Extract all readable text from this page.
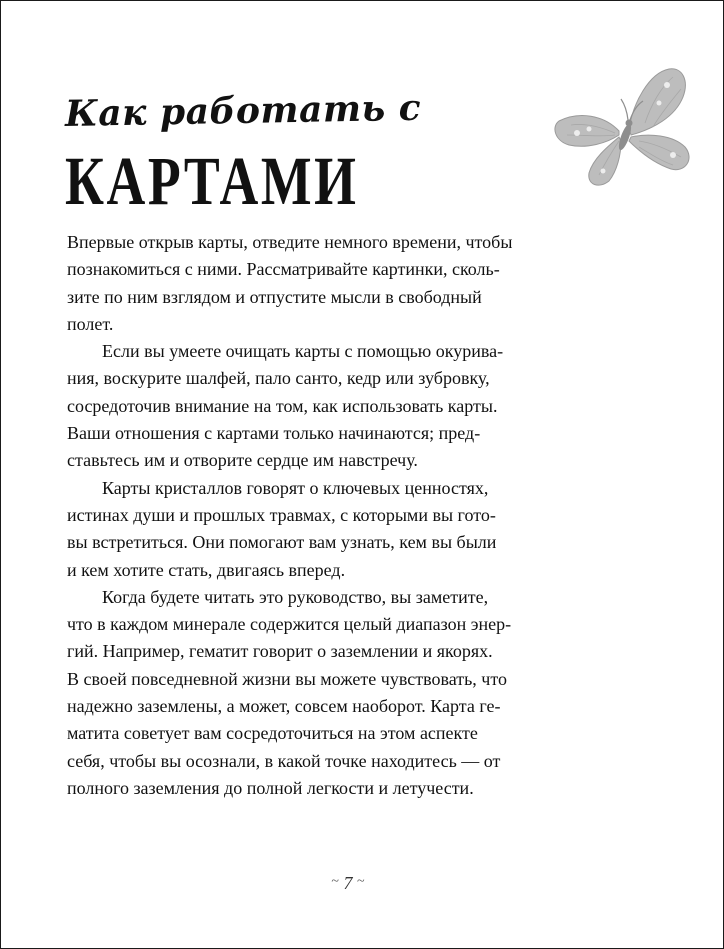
Как работать с
КАРТАМИ

Впервые открыв карты, отведите немного времени, чтобы
познакомиться с ними. Рассматривайте картинки, сколь-
зите по ним взглядом и отпустите мысли в свободный
полет.

Если вы умеете очищать карты с помощью окурива-
ния, воскурите шалфей, пало санто, кедр или зубровку,
сосредоточив внимание на том, как использовать карты.
Ваши отношения с картами только начинаются; пред-
ставьтесь им и отворите сердце им навстречу.

Карты кристаллов говорят о ключевых ценностях,
истинах души и прошлых травмах, с которыми вы гото-
вы встретиться. Они помогают вам узнать, кем вы были
и кем хотите стать, двигаясь вперед.

Когда будете читать это руководство, вы заметите,
что в каждом минерале содержится целый диапазон энер-
гий. Например, гематит говорит о заземлении и якорях.
В своей повседневной жизни вы можете чувствовать, что
надежно заземлены, а может, совсем наоборот. Карта ге-
матита советует вам сосредоточиться на этом аспекте
себя, чтобы вы осознали, в какой точке находитесь — от
полного заземления до полной легкости и летучести.

~ 7 ~
